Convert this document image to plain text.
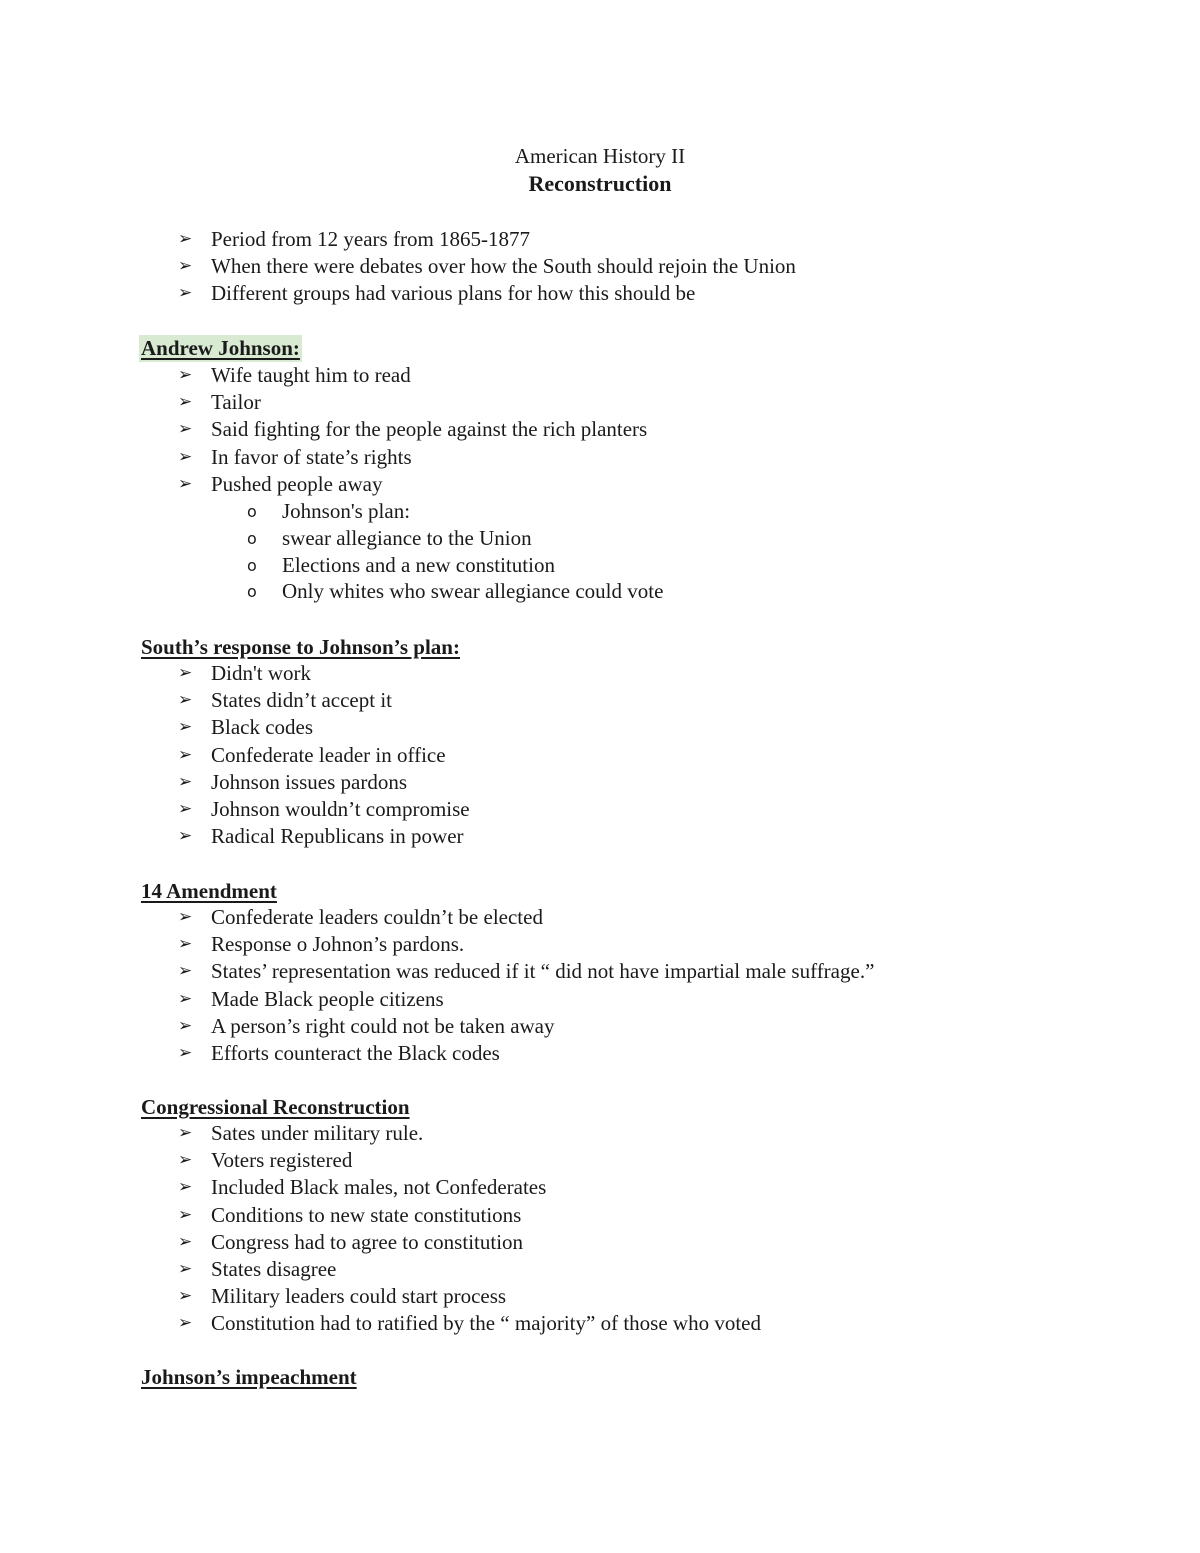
American History II
Reconstruction
➢ Period from 12 years from 1865-1877
➢ When there were debates over how the South should rejoin the Union
➢ Different groups had various plans for how this should be
Andrew Johnson:
➢ Wife taught him to read
➢ Tailor
➢ Said fighting for the people against the rich planters
➢ In favor of state’s rights
➢ Pushed people away
o Johnson's plan:
o swear allegiance to the Union
o Elections and a new constitution
o Only whites who swear allegiance could vote
South’s response to Johnson’s plan:
➢ Didn't work
➢ States didn’t accept it
➢ Black codes
➢ Confederate leader in office
➢ Johnson issues pardons
➢ Johnson wouldn’t compromise
➢ Radical Republicans in power
14 Amendment
➢ Confederate leaders couldn’t be elected
➢ Response o Johnon’s pardons.
➢ States’ representation was reduced if it “ did not have impartial male suffrage.”
➢ Made Black people citizens
➢ A person’s right could not be taken away
➢ Efforts counteract the Black codes
Congressional Reconstruction
➢ Sates under military rule.
➢ Voters registered
➢ Included Black males, not Confederates
➢ Conditions to new state constitutions
➢ Congress had to agree to constitution
➢ States disagree
➢ Military leaders could start process
➢ Constitution had to ratified by the “ majority” of those who voted
Johnson’s impeachment
